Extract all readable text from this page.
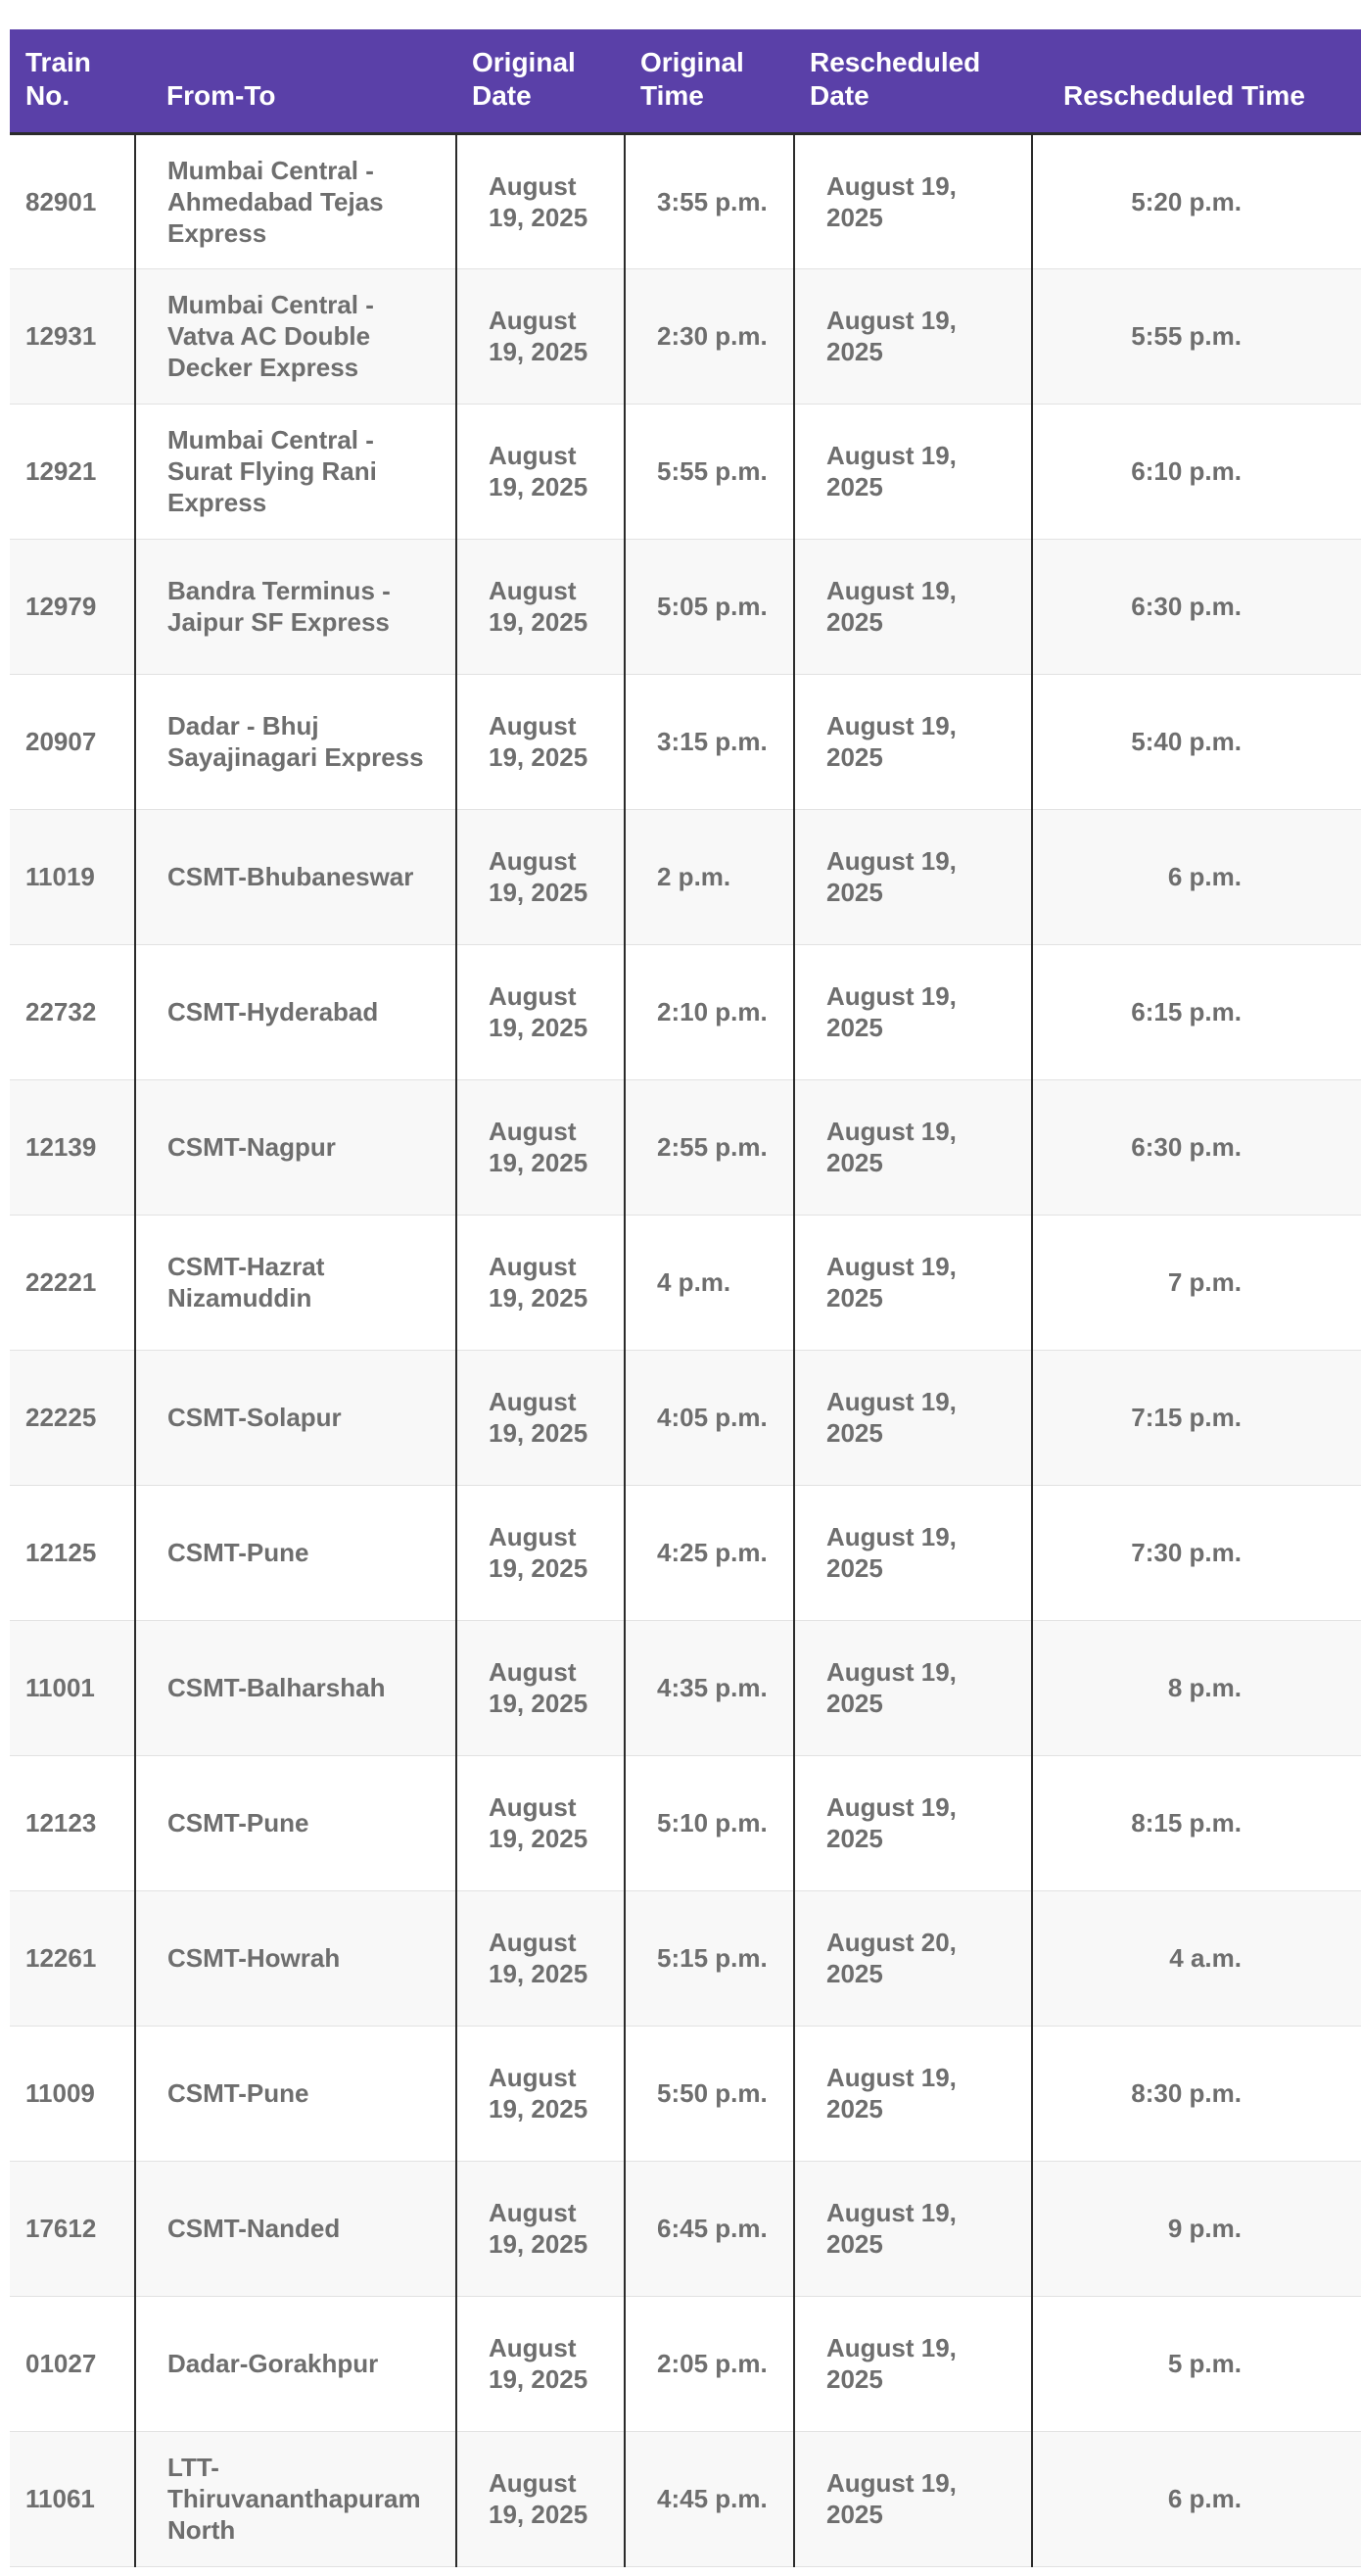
Train No.	From-To	Original Date	Original Time	Rescheduled Date	Rescheduled Time
82901	Mumbai Central - Ahmedabad Tejas Express	August 19, 2025	3:55 p.m.	August 19, 2025	5:20 p.m.
12931	Mumbai Central - Vatva AC Double Decker Express	August 19, 2025	2:30 p.m.	August 19, 2025	5:55 p.m.
12921	Mumbai Central - Surat Flying Rani Express	August 19, 2025	5:55 p.m.	August 19, 2025	6:10 p.m.
12979	Bandra Terminus - Jaipur SF Express	August 19, 2025	5:05 p.m.	August 19, 2025	6:30 p.m.
20907	Dadar - Bhuj Sayajinagari Express	August 19, 2025	3:15 p.m.	August 19, 2025	5:40 p.m.
11019	CSMT-Bhubaneswar	August 19, 2025	2 p.m.	August 19, 2025	6 p.m.
22732	CSMT-Hyderabad	August 19, 2025	2:10 p.m.	August 19, 2025	6:15 p.m.
12139	CSMT-Nagpur	August 19, 2025	2:55 p.m.	August 19, 2025	6:30 p.m.
22221	CSMT-Hazrat Nizamuddin	August 19, 2025	4 p.m.	August 19, 2025	7 p.m.
22225	CSMT-Solapur	August 19, 2025	4:05 p.m.	August 19, 2025	7:15 p.m.
12125	CSMT-Pune	August 19, 2025	4:25 p.m.	August 19, 2025	7:30 p.m.
11001	CSMT-Balharshah	August 19, 2025	4:35 p.m.	August 19, 2025	8 p.m.
12123	CSMT-Pune	August 19, 2025	5:10 p.m.	August 19, 2025	8:15 p.m.
12261	CSMT-Howrah	August 19, 2025	5:15 p.m.	August 20, 2025	4 a.m.
11009	CSMT-Pune	August 19, 2025	5:50 p.m.	August 19, 2025	8:30 p.m.
17612	CSMT-Nanded	August 19, 2025	6:45 p.m.	August 19, 2025	9 p.m.
01027	Dadar-Gorakhpur	August 19, 2025	2:05 p.m.	August 19, 2025	5 p.m.
11061	LTT-Thiruvananthapuram North	August 19, 2025	4:45 p.m.	August 19, 2025	6 p.m.
